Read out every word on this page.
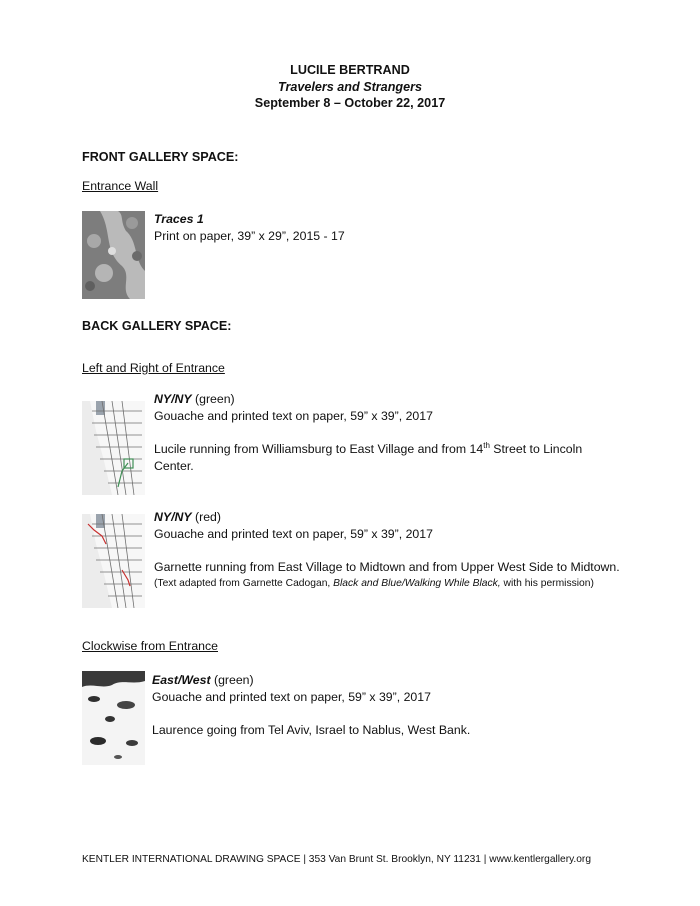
LUCILE BERTRAND
Travelers and Strangers
September 8 – October 22, 2017
FRONT GALLERY SPACE:
Entrance Wall

Traces 1

Print on paper, 39” x 29”, 2015 - 17

BACK GALLERY SPACE:
Left and Right of Entrance

NY/NY (green)

Gouache and printed text on paper, 59” x 39”, 2017

Lucile running from Williamsburg to East Village and from 14th Street to Lincoln Center.

NY/NY (red)

Gouache and printed text on paper, 59” x 39”, 2017

Garnette running from East Village to Midtown and from Upper West Side to Midtown.

(Text adapted from Garnette Cadogan, Black and Blue/Walking While Black, with his permission)

Clockwise from Entrance

East/West (green)

Gouache and printed text on paper, 59” x 39”, 2017

Laurence going from Tel Aviv, Israel to Nablus, West Bank.

KENTLER INTERNATIONAL DRAWING SPACE | 353 Van Brunt St. Brooklyn, NY 11231 | www.kentlergallery.org
